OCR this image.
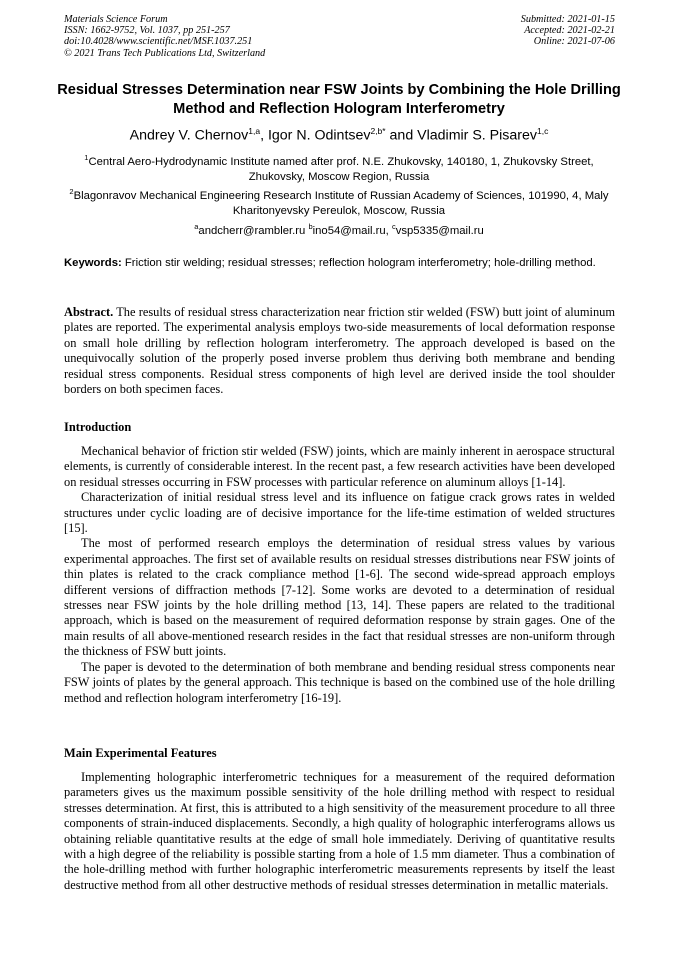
Materials Science Forum
ISSN: 1662-9752, Vol. 1037, pp 251-257
doi:10.4028/www.scientific.net/MSF.1037.251
© 2021 Trans Tech Publications Ltd, Switzerland
Submitted: 2021-01-15
Accepted: 2021-02-21
Online: 2021-07-06
Residual Stresses Determination near FSW Joints by Combining the Hole Drilling Method and Reflection Hologram Interferometry
Andrey V. Chernov$^{1,a}$, Igor N. Odintsev$^{2,b*}$ and Vladimir S. Pisarev$^{1,c}$
$^1$Central Aero-Hydrodynamic Institute named after prof. N.E. Zhukovsky, 140180, 1, Zhukovsky Street, Zhukovsky, Moscow Region, Russia
$^2$Blagonravov Mechanical Engineering Research Institute of Russian Academy of Sciences, 101990, 4, Maly Kharitonyevsky Pereulok, Moscow, Russia
$^a$andcherr@rambler.ru $^b$ino54@mail.ru, $^c$vsp5335@mail.ru
Keywords: Friction stir welding; residual stresses; reflection hologram interferometry; hole-drilling method.

Abstract. The results of residual stress characterization near friction stir welded (FSW) butt joint of aluminum plates are reported. The experimental analysis employs two-side measurements of local deformation response on small hole drilling by reflection hologram interferometry. The approach developed is based on the unequivocally solution of the properly posed inverse problem thus deriving both membrane and bending residual stress components. Residual stress components of high level are derived inside the tool shoulder borders on both specimen faces.

Introduction

Mechanical behavior of friction stir welded (FSW) joints, which are mainly inherent in aerospace structural elements, is currently of considerable interest. In the recent past, a few research activities have been developed on residual stresses occurring in FSW processes with particular reference on aluminum alloys [1-14].

Characterization of initial residual stress level and its influence on fatigue crack grows rates in welded structures under cyclic loading are of decisive importance for the life-time estimation of welded structures [15].

The most of performed research employs the determination of residual stress values by various experimental approaches. The first set of available results on residual stresses distributions near FSW joints of thin plates is related to the crack compliance method [1-6]. The second wide-spread approach employs different versions of diffraction methods [7-12]. Some works are devoted to a determination of residual stresses near FSW joints by the hole drilling method [13, 14]. These papers are related to the traditional approach, which is based on the measurement of required deformation response by strain gages. One of the main results of all above-mentioned research resides in the fact that residual stresses are non-uniform through the thickness of FSW butt joints.

The paper is devoted to the determination of both membrane and bending residual stress components near FSW joints of plates by the general approach. This technique is based on the combined use of the hole drilling method and reflection hologram interferometry [16-19].

Main Experimental Features

Implementing holographic interferometric techniques for a measurement of the required deformation parameters gives us the maximum possible sensitivity of the hole drilling method with respect to residual stresses determination. At first, this is attributed to a high sensitivity of the measurement procedure to all three components of strain-induced displacements. Secondly, a high quality of holographic interferograms allows us obtaining reliable quantitative results at the edge of small hole immediately. Deriving of quantitative results with a high degree of the reliability is possible starting from a hole of 1.5 mm diameter. Thus a combination of the hole-drilling method with further holographic interferometric measurements represents by itself the least destructive method from all other destructive methods of residual stresses determination in metallic materials.
